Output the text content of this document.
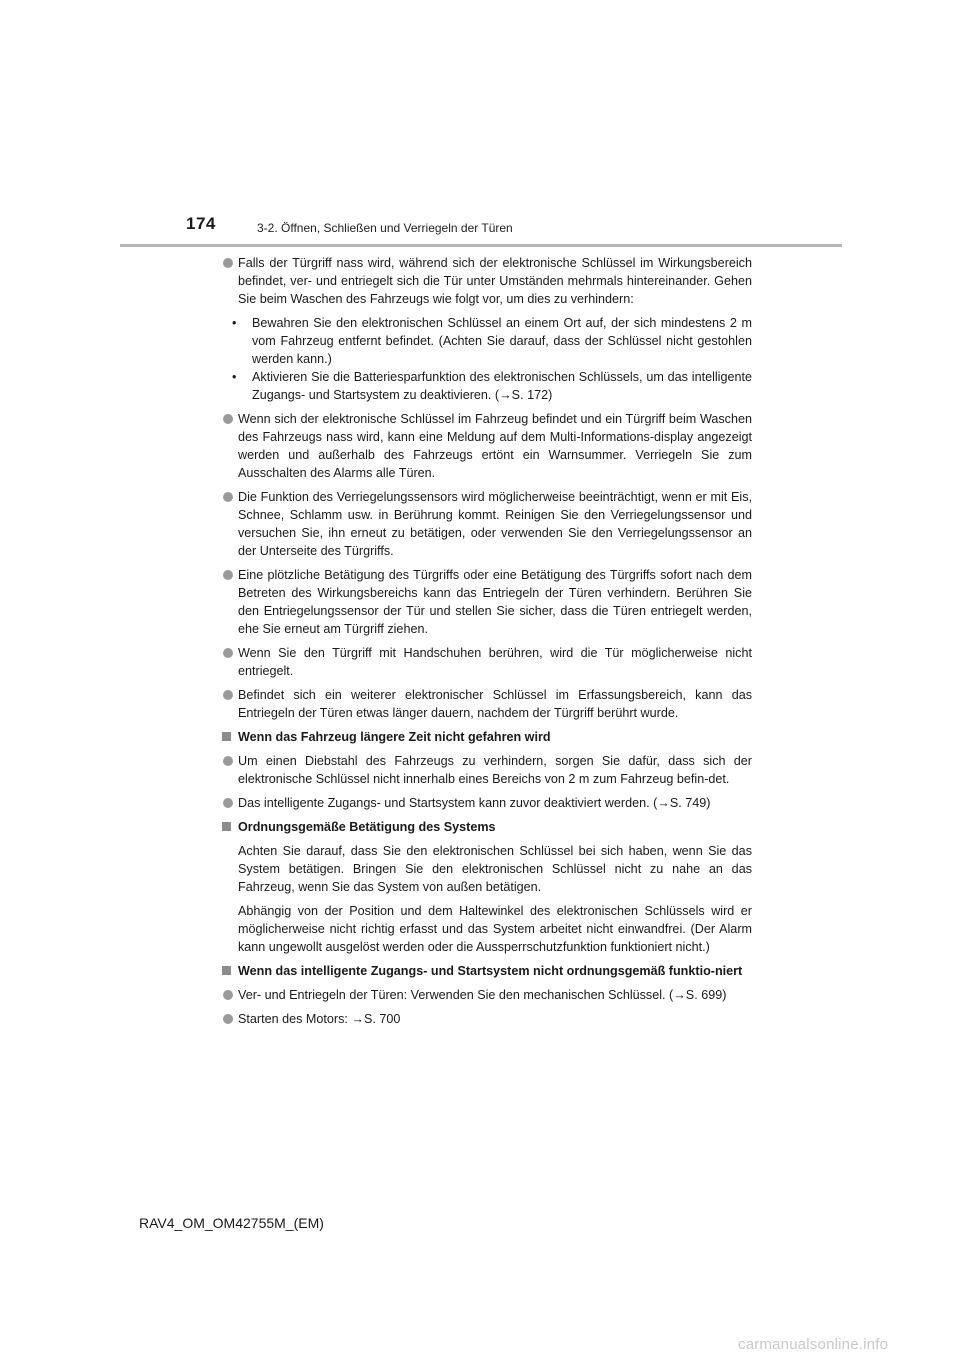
174	3-2. Öffnen, Schließen und Verriegeln der Türen
Falls der Türgriff nass wird, während sich der elektronische Schlüssel im Wirkungsbereich befindet, ver- und entriegelt sich die Tür unter Umständen mehrmals hintereinander. Gehen Sie beim Waschen des Fahrzeugs wie folgt vor, um dies zu verhindern:
• Bewahren Sie den elektronischen Schlüssel an einem Ort auf, der sich mindestens 2 m vom Fahrzeug entfernt befindet. (Achten Sie darauf, dass der Schlüssel nicht gestohlen werden kann.)
• Aktivieren Sie die Batteriesparfunktion des elektronischen Schlüssels, um das intelligente Zugangs- und Startsystem zu deaktivieren. (→S. 172)
Wenn sich der elektronische Schlüssel im Fahrzeug befindet und ein Türgriff beim Waschen des Fahrzeugs nass wird, kann eine Meldung auf dem Multi-Informations-display angezeigt werden und außerhalb des Fahrzeugs ertönt ein Warnsummer. Verriegeln Sie zum Ausschalten des Alarms alle Türen.
Die Funktion des Verriegelungssensors wird möglicherweise beeinträchtigt, wenn er mit Eis, Schnee, Schlamm usw. in Berührung kommt. Reinigen Sie den Verriegelungssensor und versuchen Sie, ihn erneut zu betätigen, oder verwenden Sie den Verriegelungssensor an der Unterseite des Türgriffs.
Eine plötzliche Betätigung des Türgriffs oder eine Betätigung des Türgriffs sofort nach dem Betreten des Wirkungsbereichs kann das Entriegeln der Türen verhindern. Berühren Sie den Entriegelungssensor der Tür und stellen Sie sicher, dass die Türen entriegelt werden, ehe Sie erneut am Türgriff ziehen.
Wenn Sie den Türgriff mit Handschuhen berühren, wird die Tür möglicherweise nicht entriegelt.
Befindet sich ein weiterer elektronischer Schlüssel im Erfassungsbereich, kann das Entriegeln der Türen etwas länger dauern, nachdem der Türgriff berührt wurde.
Wenn das Fahrzeug längere Zeit nicht gefahren wird
Um einen Diebstahl des Fahrzeugs zu verhindern, sorgen Sie dafür, dass sich der elektronische Schlüssel nicht innerhalb eines Bereichs von 2 m zum Fahrzeug befin-det.
Das intelligente Zugangs- und Startsystem kann zuvor deaktiviert werden. (→S. 749)
Ordnungsgemäße Betätigung des Systems
Achten Sie darauf, dass Sie den elektronischen Schlüssel bei sich haben, wenn Sie das System betätigen. Bringen Sie den elektronischen Schlüssel nicht zu nahe an das Fahrzeug, wenn Sie das System von außen betätigen.
Abhängig von der Position und dem Haltewinkel des elektronischen Schlüssels wird er möglicherweise nicht richtig erfasst und das System arbeitet nicht einwandfrei. (Der Alarm kann ungewollt ausgelöst werden oder die Aussperrschutzfunktion funktioniert nicht.)
Wenn das intelligente Zugangs- und Startsystem nicht ordnungsgemäß funktio-niert
Ver- und Entriegeln der Türen: Verwenden Sie den mechanischen Schlüssel. (→S. 699)
Starten des Motors: →S. 700
RAV4_OM_OM42755M_(EM)
carmanualsonline.info
